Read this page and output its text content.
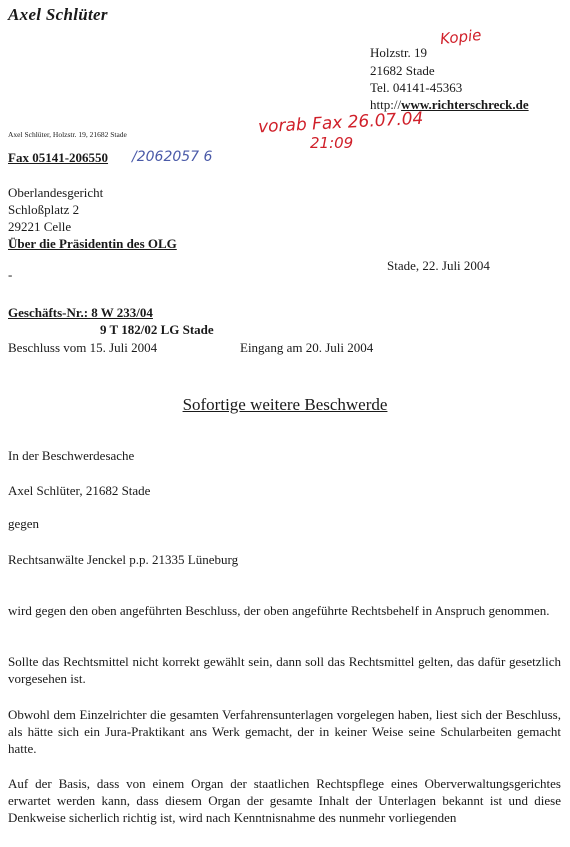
Axel Schlüter
Kopie
Holzstr. 19
21682 Stade
Tel. 04141-45363
http://www.richterschreck.de
vorab Fax 26.07.04
21:09
Axel Schlüter, Holzstr. 19, 21682 Stade
Fax 05141-206550 /2062057 6
Oberlandesgericht
Schloßplatz 2
29221 Celle
Über die Präsidentin des OLG
Stade, 22. Juli 2004
-
Geschäfts-Nr.: 8 W 233/04
9 T 182/02 LG Stade
Beschluss vom 15. Juli 2004	Eingang am 20. Juli 2004
Sofortige weitere Beschwerde
In der Beschwerdesache
Axel Schlüter, 21682 Stade
gegen
Rechtsanwälte Jenckel p.p. 21335 Lüneburg
wird gegen den oben angeführten Beschluss, der oben angeführte Rechtsbehelf in Anspruch genommen.
Sollte das Rechtsmittel nicht korrekt gewählt sein, dann soll das Rechtsmittel gelten, das dafür gesetzlich vorgesehen ist.
Obwohl dem Einzelrichter die gesamten Verfahrensunterlagen vorgelegen haben, liest sich der Beschluss, als hätte sich ein Jura-Praktikant ans Werk gemacht, der in keiner Weise seine Schularbeiten gemacht hatte.
Auf der Basis, dass von einem Organ der staatlichen Rechtspflege eines Oberverwaltungsgerichtes erwartet werden kann, dass diesem Organ der gesamte Inhalt der Unterlagen bekannt ist und diese Denkweise sicherlich richtig ist, wird nach Kenntnisnahme des nunmehr vorliegenden
